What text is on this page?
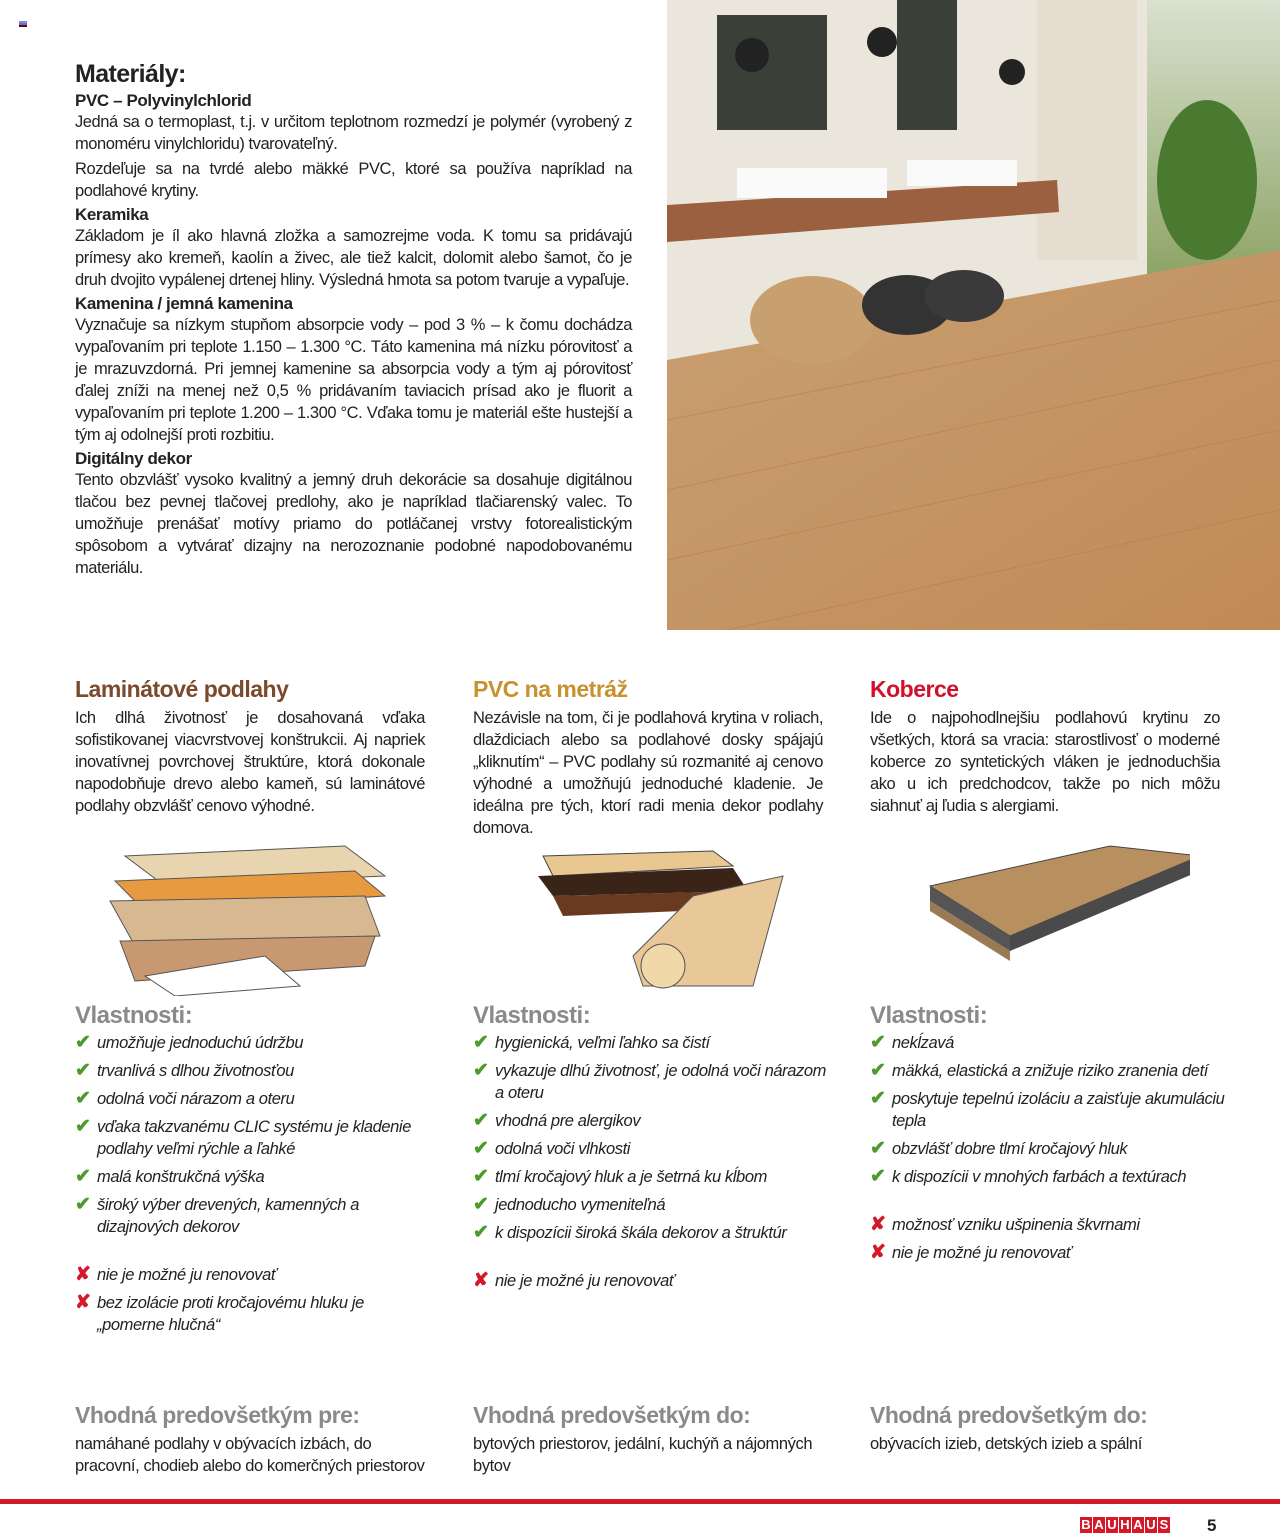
Materiály:
PVC – Polyvinylchlorid
Jedná sa o termoplast, t.j. v určitom teplotnom rozmedzí je polymér (vyrobený z monoméru vinylchloridu) tvarovateľný.
Rozdeľuje sa na tvrdé alebo mäkké PVC, ktoré sa používa napríklad na podlahové krytiny.
Keramika
Základom je íl ako hlavná zložka a samozrejme voda. K tomu sa pridávajú prímesy ako kremeň, kaolín a živec, ale tiež kalcit, dolomit alebo šamot, čo je druh dvojito vypálenej drtenej hliny. Výsledná hmota sa potom tvaruje a vypaľuje.
Kamenina / jemná kamenina
Vyznačuje sa nízkym stupňom absorpcie vody – pod 3 % – k čomu dochádza vypaľovaním pri teplote 1.150 – 1.300 °C. Táto kamenina má nízku pórovitosť a je mrazuvzdorná. Pri jemnej kamenine sa absorpcia vody a tým aj pórovitosť ďalej zníži na menej než 0,5 % pridávaním taviacich prísad ako je fluorit a vypaľovaním pri teplote 1.200 – 1.300 °C. Vďaka tomu je materiál ešte hustejší a tým aj odolnejší proti rozbitiu.
Digitálny dekor
Tento obzvlášť vysoko kvalitný a jemný druh dekorácie sa dosahuje digitálnou tlačou bez pevnej tlačovej predlohy, ako je napríklad tlačiarenský valec. To umožňuje prenášať motívy priamo do potláčanej vrstvy fotorealistickým spôsobom a vytvárať dizajny na nerozoznanie podobné napodobovanému materiálu.
Laminátové podlahy
Ich dlhá životnosť je dosahovaná vďaka sofistikovanej viacvrstvovej konštrukcii. Aj napriek inovatívnej povrchovej štruktúre, ktorá dokonale napodobňuje drevo alebo kameň, sú laminátové podlahy obzvlášť cenovo výhodné.
Vlastnosti:
✔ umožňuje jednoduchú údržbu
✔ trvanlivá s dlhou životnosťou
✔ odolná voči nárazom a oteru
✔ vďaka takzvanému CLIC systému je kladenie podlahy veľmi rýchle a ľahké
✔ malá konštrukčná výška
✔ široký výber drevených, kamenných a dizajnových dekorov
✘ nie je možné ju renovovať
✘ bez izolácie proti kročajovému hluku je „pomerne hlučná“
Vhodná predovšetkým pre:
namáhané podlahy v obývacích izbách, do pracovní, chodieb alebo do komerčných priestorov
PVC na metráž
Nezávisle na tom, či je podlahová krytina v roliach, dlaždiciach alebo sa podlahové dosky spájajú „kliknutím“ – PVC podlahy sú rozmanité aj cenovo výhodné a umožňujú jednoduché kladenie. Je ideálna pre tých, ktorí radi menia dekor podlahy domova.
Vlastnosti:
✔ hygienická, veľmi ľahko sa čistí
✔ vykazuje dlhú životnosť, je odolná voči nárazom a oteru
✔ vhodná pre alergikov
✔ odolná voči vlhkosti
✔ tlmí kročajový hluk a je šetrná ku kĺbom
✔ jednoducho vymeniteľná
✔ k dispozícii široká škála dekorov a štruktúr
✘ nie je možné ju renovovať
Vhodná predovšetkým do:
bytových priestorov, jedální, kuchýň a nájomných bytov
Koberce
Ide o najpohodlnejšiu podlahovú krytinu zo všetkých, ktorá sa vracia: starostlivosť o moderné koberce zo syntetických vláken je jednoduchšia ako u ich predchodcov, takže po nich môžu siahnuť aj ľudia s alergiami.
Vlastnosti:
✔ nekĺzavá
✔ mäkká, elastická a znižuje riziko zranenia detí
✔ poskytuje tepelnú izoláciu a zaisťuje akumuláciu tepla
✔ obzvlášť dobre tlmí kročajový hluk
✔ k dispozícii v mnohých farbách a textúrach
✘ možnosť vzniku ušpinenia škvrnami
✘ nie je možné ju renovovať
Vhodná predovšetkým do:
obývacích izieb, detských izieb a spální
B A U H A U S 5
